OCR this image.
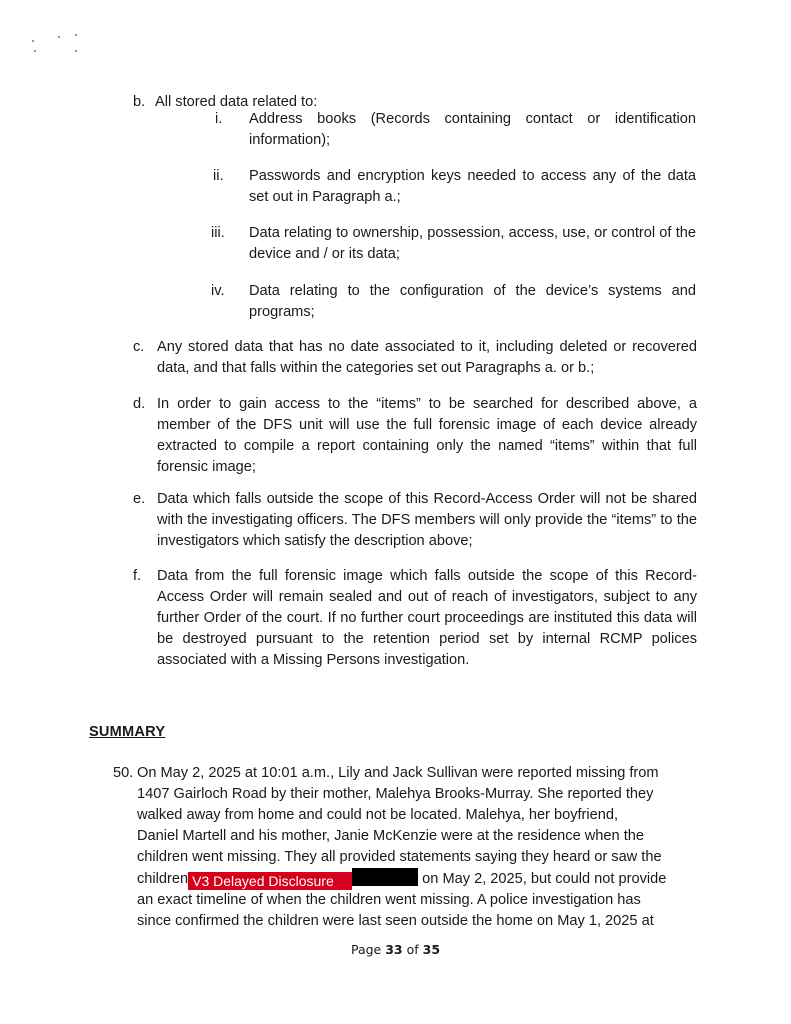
b. All stored data related to:
i.	Address books (Records containing contact or identification information);
ii.	Passwords and encryption keys needed to access any of the data set out in Paragraph a.;
iii.	Data relating to ownership, possession, access, use, or control of the device and / or its data;
iv.	Data relating to the configuration of the device’s systems and programs;
c. Any stored data that has no date associated to it, including deleted or recovered data, and that falls within the categories set out Paragraphs a. or b.;
d. In order to gain access to the “items” to be searched for described above, a member of the DFS unit will use the full forensic image of each device already extracted to compile a report containing only the named “items” within that full forensic image;
e. Data which falls outside the scope of this Record-Access Order will not be shared with the investigating officers. The DFS members will only provide the “items” to the investigators which satisfy the description above;
f.	Data from the full forensic image which falls outside the scope of this Record-Access Order will remain sealed and out of reach of investigators, subject to any further Order of the court. If no further court proceedings are instituted this data will be destroyed pursuant to the retention period set by internal RCMP polices associated with a Missing Persons investigation.
SUMMARY
50. On May 2, 2025 at 10:01 a.m., Lily and Jack Sullivan were reported missing from
1407 Gairloch Road by their mother, Malehya Brooks-Murray. She reported they
walked away from home and could not be located. Malehya, her boyfriend,
Daniel Martell and his mother, Janie McKenzie were at the residence when the
children went missing. They all provided statements saying they heard or saw the
children V3 Delayed Disclosure	on May 2, 2025, but could not provide
an exact timeline of when the children went missing. A police investigation has
since confirmed the children were last seen outside the home on May 1, 2025 at
Page 33 of 35
